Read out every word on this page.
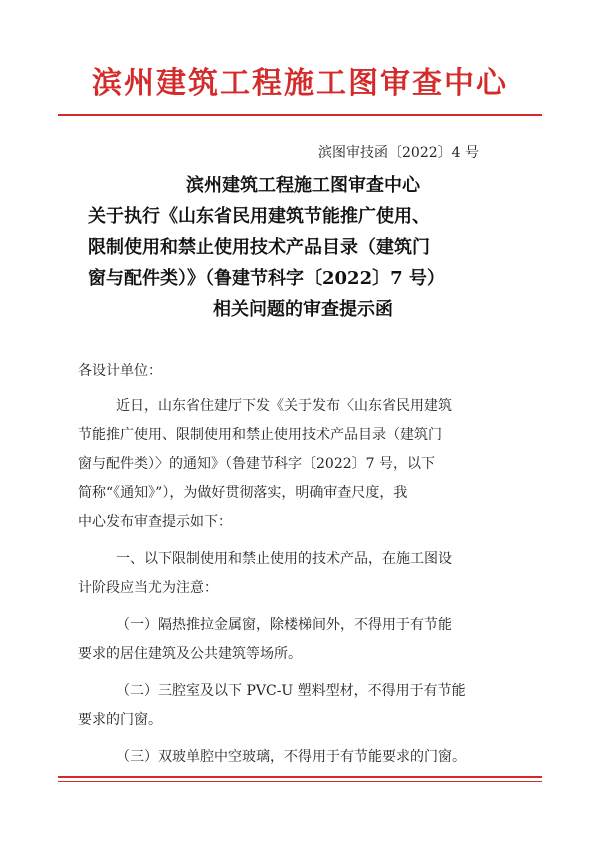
滨州建筑工程施工图审查中心
滨图审技函〔2022〕4 号
滨州建筑工程施工图审查中心
关于执行《山东省民用建筑节能推广使用、
限制使用和禁止使用技术产品目录（建筑门
窗与配件类）》（鲁建节科字〔2022〕7 号）
相关问题的审查提示函
各设计单位：
近日，山东省住建厅下发《关于发布〈山东省民用建筑
节能推广使用、限制使用和禁止使用技术产品目录（建筑门
窗与配件类）〉的通知》（鲁建节科字〔2022〕7 号，以下
简称“《通知》”），为做好贯彻落实，明确审查尺度，我
中心发布审查提示如下：
一、以下限制使用和禁止使用的技术产品，在施工图设
计阶段应当尤为注意：
（一）隔热推拉金属窗，除楼梯间外，不得用于有节能
要求的居住建筑及公共建筑等场所。
（二）三腔室及以下 PVC-U 塑料型材，不得用于有节能
要求的门窗。
（三）双玻单腔中空玻璃，不得用于有节能要求的门窗。
